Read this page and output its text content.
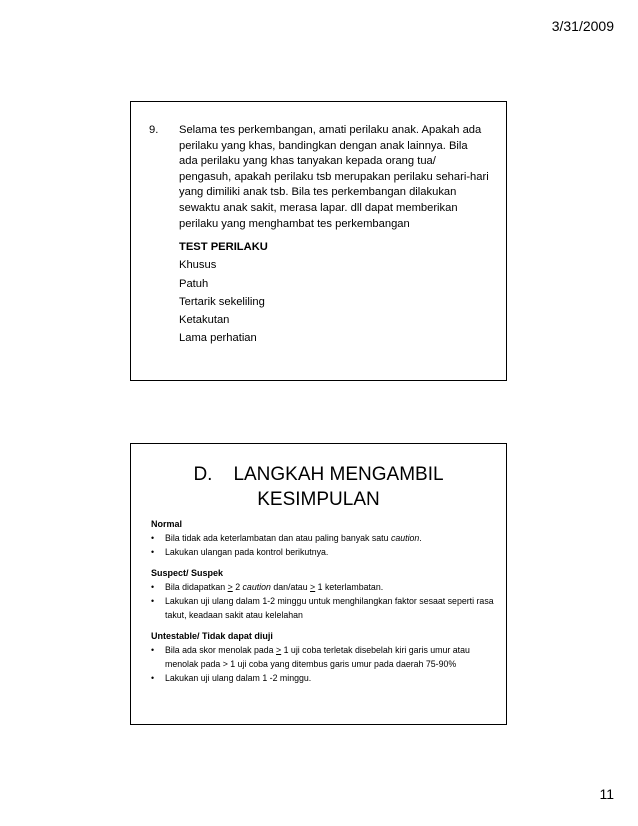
3/31/2009
9. Selama tes perkembangan, amati perilaku anak. Apakah ada perilaku yang khas, bandingkan dengan anak lainnya. Bila ada perilaku yang khas tanyakan kepada orang tua/ pengasuh, apakah perilaku tsb merupakan perilaku sehari-hari yang dimiliki anak tsb. Bila tes perkembangan dilakukan sewaktu anak sakit, merasa lapar. dll dapat memberikan perilaku yang menghambat tes perkembangan
TEST PERILAKU
Khusus
Patuh
Tertarik sekeliling
Ketakutan
Lama perhatian
D. LANGKAH MENGAMBIL
KESIMPULAN
Normal
• Bila tidak ada keterlambatan dan atau paling banyak satu caution.
• Lakukan ulangan pada kontrol berikutnya.
Suspect/ Suspek
• Bila didapatkan > 2 caution dan/atau > 1 keterlambatan.
• Lakukan uji ulang dalam 1-2 minggu untuk menghilangkan faktor sesaat seperti rasa takut, keadaan sakit atau kelelahan
Untestable/ Tidak dapat diuji
• Bila ada skor menolak pada > 1 uji coba terletak disebelah kiri garis umur atau menolak pada > 1 uji coba yang ditembus garis umur pada daerah 75-90%
• Lakukan uji ulang dalam 1 -2 minggu.
11
